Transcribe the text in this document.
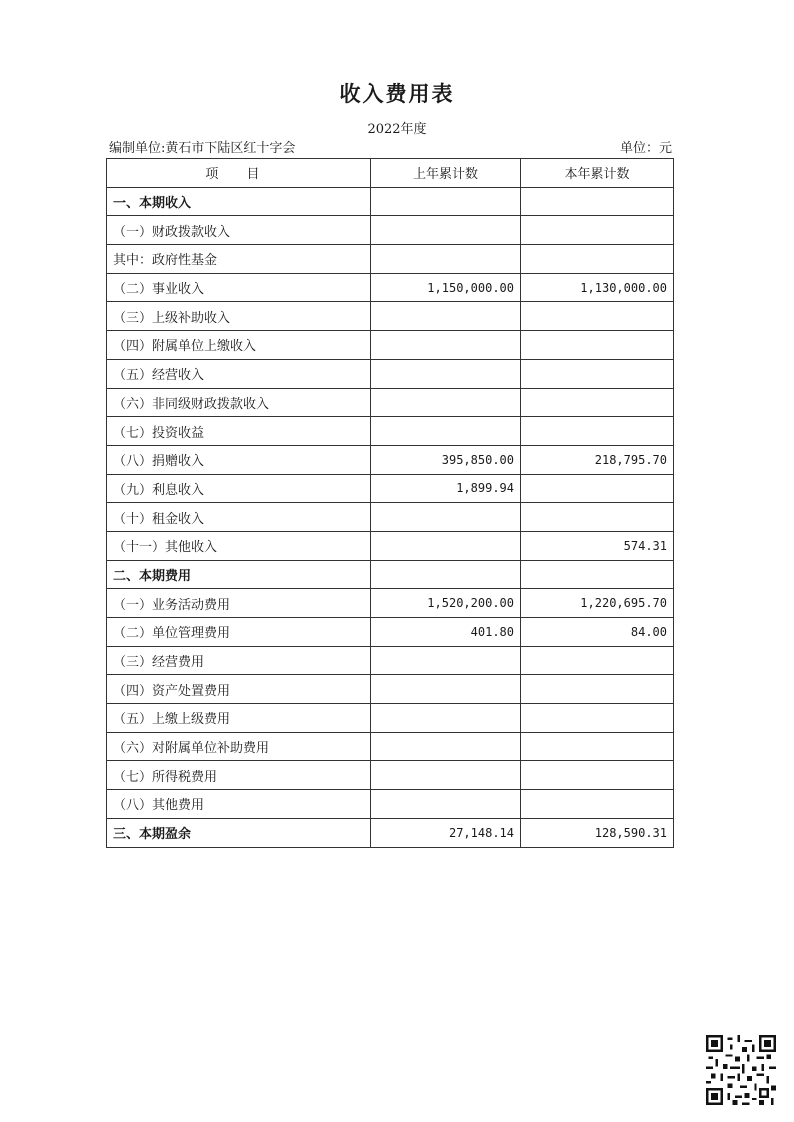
收入费用表
2022年度
编制单位:黄石市下陆区红十字会	单位：元
项 目	上年累计数	本年累计数
一、本期收入		
（一）财政拨款收入		
其中：政府性基金		
（二）事业收入	1,150,000.00	1,130,000.00
（三）上级补助收入		
（四）附属单位上缴收入		
（五）经营收入		
（六）非同级财政拨款收入		
（七）投资收益		
（八）捐赠收入	395,850.00	218,795.70
（九）利息收入	1,899.94	
（十）租金收入		
（十一）其他收入		574.31
二、本期费用		
（一）业务活动费用	1,520,200.00	1,220,695.70
（二）单位管理费用	401.80	84.00
（三）经营费用		
（四）资产处置费用		
（五）上缴上级费用		
（六）对附属单位补助费用		
（七）所得税费用		
（八）其他费用		
三、本期盈余	27,148.14	128,590.31
